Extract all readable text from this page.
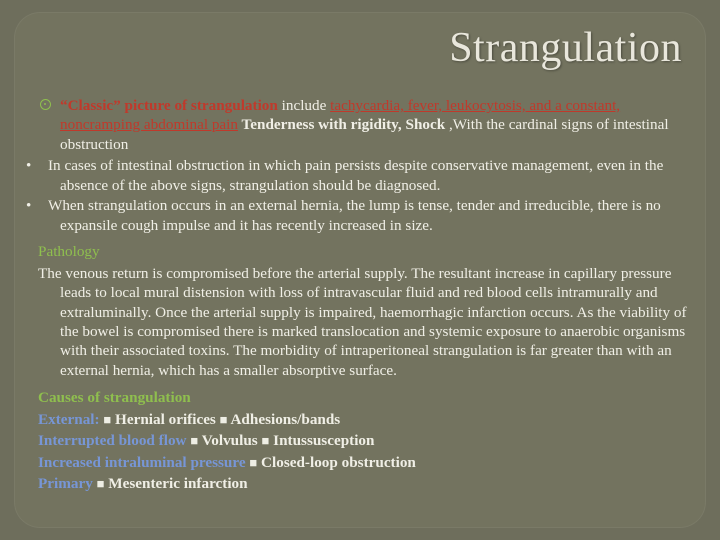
Strangulation
“Classic” picture of strangulation include tachycardia, fever, leukocytosis, and a constant, noncramping abdominal pain Tenderness with rigidity, Shock ,With the cardinal signs of intestinal obstruction
• In cases of intestinal obstruction in which pain persists despite conservative management, even in the absence of the above signs, strangulation should be diagnosed.
• When strangulation occurs in an external hernia, the lump is tense, tender and irreducible, there is no expansile cough impulse and it has recently increased in size.
Pathology
The venous return is compromised before the arterial supply. The resultant increase in capillary pressure leads to local mural distension with loss of intravascular fluid and red blood cells intramurally and extraluminally. Once the arterial supply is impaired, haemorrhagic infarction occurs. As the viability of the bowel is compromised there is marked translocation and systemic exposure to anaerobic organisms with their associated toxins. The morbidity of intraperitoneal strangulation is far greater than with an external hernia, which has a smaller absorptive surface.
Causes of strangulation
External: ■ Hernial orifices ■ Adhesions/bands
Interrupted blood flow ■ Volvulus ■ Intussusception
Increased intraluminal pressure ■ Closed-loop obstruction
Primary ■ Mesenteric infarction
